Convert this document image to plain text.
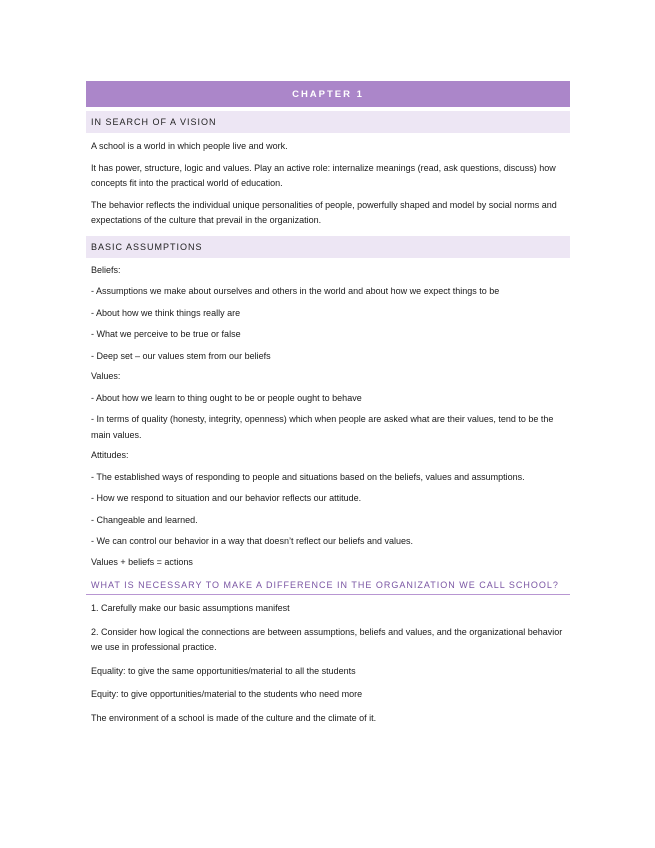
CHAPTER 1
IN SEARCH OF A VISION

A school is a world in which people live and work.

It has power, structure, logic and values. Play an active role: internalize meanings (read, ask questions, discuss) how concepts fit into the practical world of education.

The behavior reflects the individual unique personalities of people, powerfully shaped and model by social norms and expectations of the culture that prevail in the organization.

BASIC ASSUMPTIONS

Beliefs:

- Assumptions we make about ourselves and others in the world and about how we expect things to be

- About how we think things really are

- What we perceive to be true or false

- Deep set – our values stem from our beliefs

Values:

- About how we learn to thing ought to be or people ought to behave

- In terms of quality (honesty, integrity, openness) which when people are asked what are their values, tend to be the main values.

Attitudes:

- The established ways of responding to people and situations based on the beliefs, values and assumptions.

- How we respond to situation and our behavior reflects our attitude.

- Changeable and learned.

- We can control our behavior in a way that doesn’t reflect our beliefs and values.

Values + beliefs = actions

WHAT IS NECESSARY TO MAKE A DIFFERENCE IN THE ORGANIZATION WE CALL SCHOOL?

1. Carefully make our basic assumptions manifest

2. Consider how logical the connections are between assumptions, beliefs and values, and the organizational behavior we use in professional practice.

Equality: to give the same opportunities/material to all the students

Equity: to give opportunities/material to the students who need more

The environment of a school is made of the culture and the climate of it.
